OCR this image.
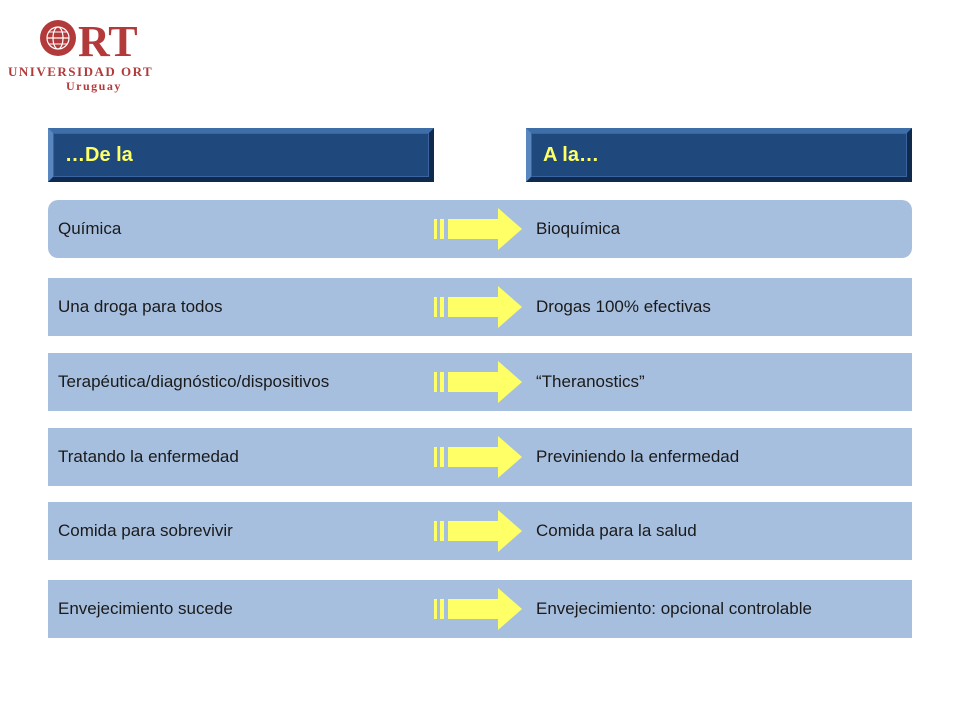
RT
UNIVERSIDAD ORT
Uruguay
…De la	A la…
Química	Bioquímica
Una droga para todos	Drogas 100% efectivas
Terapéutica/diagnóstico/dispositivos	“Theranostics”
Tratando la enfermedad	Previniendo la enfermedad
Comida para sobrevivir	Comida para la salud
Envejecimiento sucede	Envejecimiento: opcional controlable
